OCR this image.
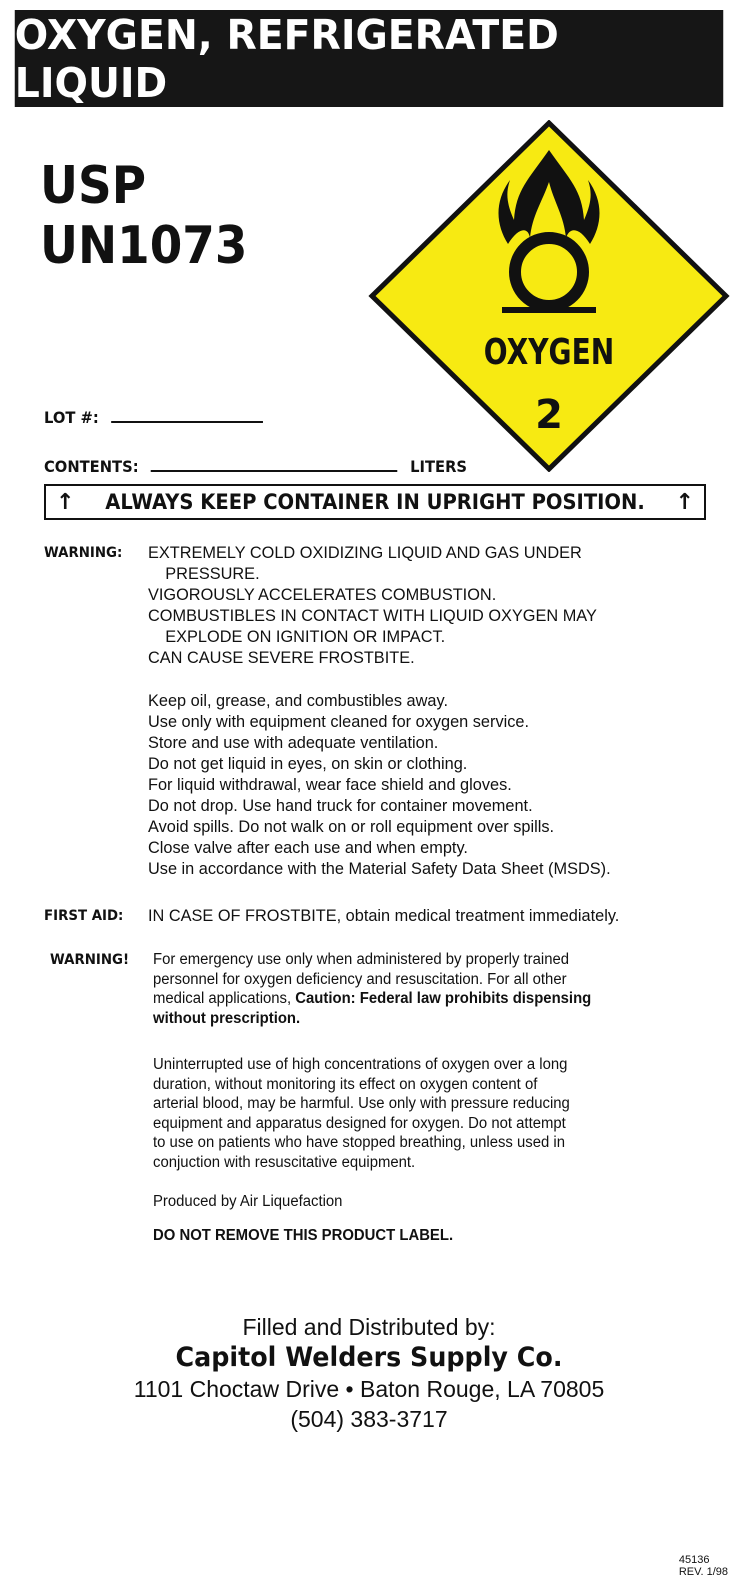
OXYGEN, REFRIGERATED LIQUID
USP
UN1073
OXYGEN
2
LOT #:
CONTENTS:	LITERS
↑ ALWAYS KEEP CONTAINER IN UPRIGHT POSITION. ↑
WARNING: EXTREMELY COLD OXIDIZING LIQUID AND GAS UNDER
PRESSURE.
VIGOROUSLY ACCELERATES COMBUSTION.
COMBUSTIBLES IN CONTACT WITH LIQUID OXYGEN MAY
EXPLODE ON IGNITION OR IMPACT.
CAN CAUSE SEVERE FROSTBITE.
Keep oil, grease, and combustibles away.
Use only with equipment cleaned for oxygen service.
Store and use with adequate ventilation.
Do not get liquid in eyes, on skin or clothing.
For liquid withdrawal, wear face shield and gloves.
Do not drop. Use hand truck for container movement.
Avoid spills. Do not walk on or roll equipment over spills.
Close valve after each use and when empty.
Use in accordance with the Material Safety Data Sheet (MSDS).
FIRST AID: IN CASE OF FROSTBITE, obtain medical treatment immediately.
WARNING! For emergency use only when administered by properly trained
personnel for oxygen deficiency and resuscitation. For all other
medical applications, Caution: Federal law prohibits dispensing
without prescription.
Uninterrupted use of high concentrations of oxygen over a long
duration, without monitoring its effect on oxygen content of
arterial blood, may be harmful. Use only with pressure reducing
equipment and apparatus designed for oxygen. Do not attempt
to use on patients who have stopped breathing, unless used in
conjuction with resuscitative equipment.
Produced by Air Liquefaction
DO NOT REMOVE THIS PRODUCT LABEL.
Filled and Distributed by:
Capitol Welders Supply Co.
1101 Choctaw Drive • Baton Rouge, LA 70805
(504) 383-3717
45136
REV. 1/98
